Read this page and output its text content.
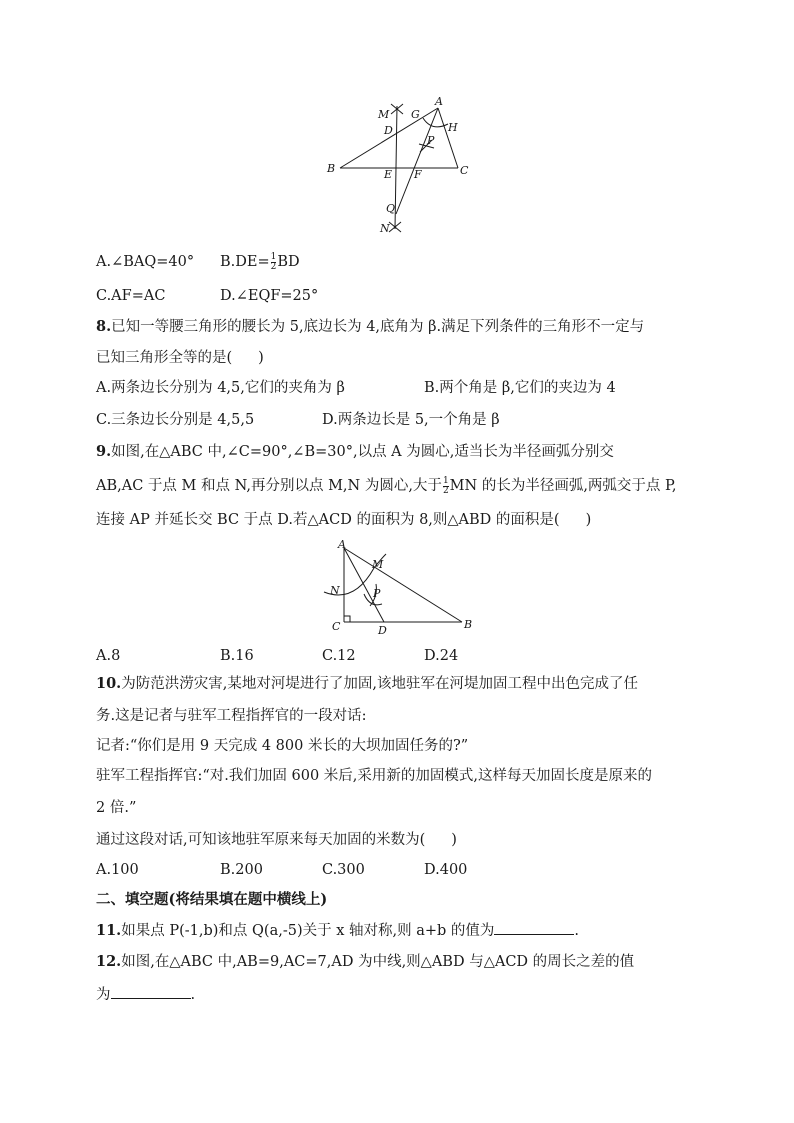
M
D
G
A
H
P
B	E F	C
Q
N
A.∠BAQ=40° $B.DE= \frac{1}{2}$ BD
C.AF=AC	D.∠EQF=25°
8.已知一等腰三角形的腰长为 5,底边长为 4,底角为 β.满足下列条件的三角形不一定与
已知三角形全等的是( )
A.两条边长分别为 4,5,它们的夹角为 β	B.两个角是 β,它们的夹边为 4
C.三条边长分别是 4,5,5	D.两条边长是 5,一个角是 β
9.如图,在△ABC 中,∠C=90°,∠B=30°,以点 A 为圆心,适当长为半径画弧分别交
AB,AC 于点 M 和点 N,再分别以点 M,N 为圆心,大于 $\frac{1}{2}$ MN 的长为半径画弧,两弧交于点 P,
连接 AP 并延长交 BC 于点 D.若△ACD 的面积为 8,则△ABD 的面积是( )
A
M
N	P
C	D	B
A.8	B.16	C.12	D.24
10.为防范洪涝灾害,某地对河堤进行了加固,该地驻军在河堤加固工程中出色完成了任
务.这是记者与驻军工程指挥官的一段对话:
记者:“你们是用 9 天完成 4 800 米长的大坝加固任务的?”
驻军工程指挥官:“对.我们加固 600 米后,采用新的加固模式,这样每天加固长度是原来的
2 倍.”
通过这段对话,可知该地驻军原来每天加固的米数为( )
A.100	B.200	C.300	D.400
二、填空题(将结果填在题中横线上)
11.如果点 P(-1,b)和点 Q(a,-5)关于 x 轴对称,则 a+b 的值为	.
12.如图,在△ABC 中,AB=9,AC=7,AD 为中线,则△ABD 与△ACD 的周长之差的值
为	.
